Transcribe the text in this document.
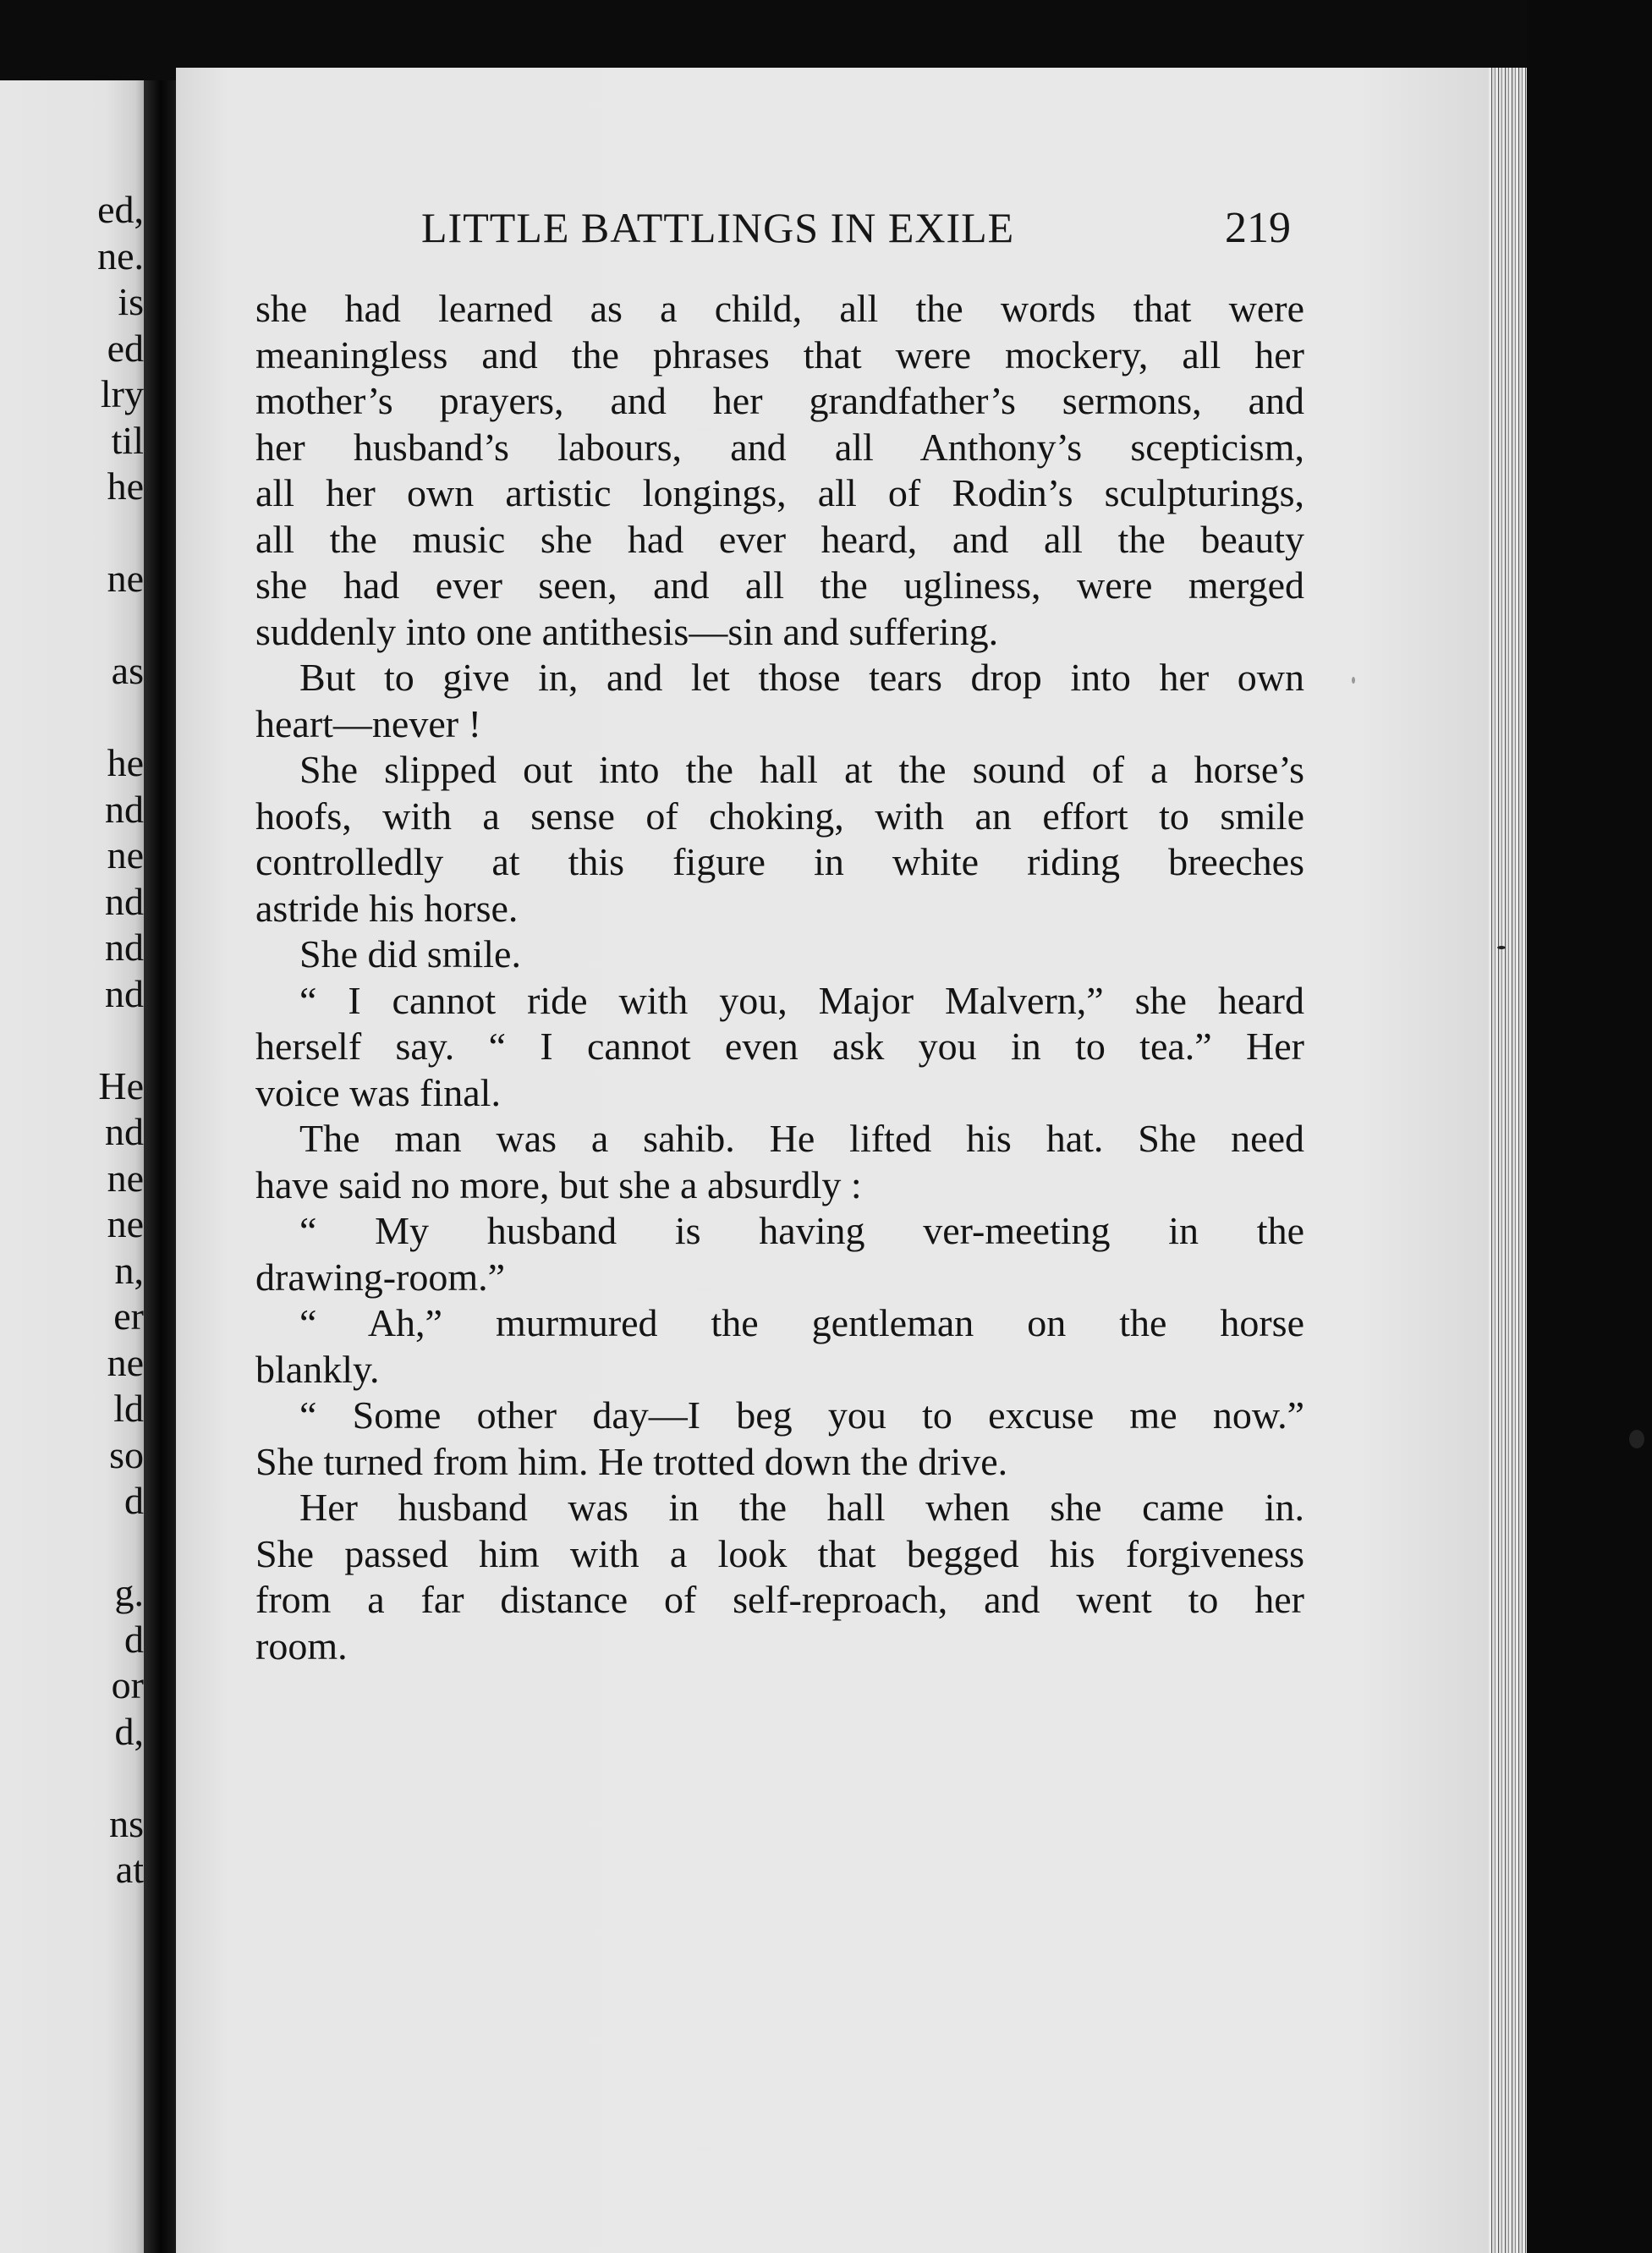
ed,
ne.
is
ed
lry
til
he
ne
as
he
nd
ne
nd
nd
nd
He
nd
ne
ne
n,
er
ne
ld
so
d
g.
d
or
d,
ns
at
LITTLE BATTLINGS IN EXILE	219
she had learned as a child, all the words that were
meaningless and the phrases that were mockery, all her
mother’s prayers, and her grandfather’s sermons, and
her husband’s labours, and all Anthony’s scepticism,
all her own artistic longings, all of Rodin’s sculpturings,
all the music she had ever heard, and all the beauty
she had ever seen, and all the ugliness, were merged
suddenly into one antithesis—sin and suffering.
But to give in, and let those tears drop into her own
heart—never !
She slipped out into the hall at the sound of a horse’s
hoofs, with a sense of choking, with an effort to smile
controlledly at this figure in white riding breeches
astride his horse.
She did smile.
“ I cannot ride with you, Major Malvern,” she heard
herself say. “ I cannot even ask you in to tea.” Her
voice was final.
The man was a sahib. He lifted his hat. She need
have said no more, but she a absurdly :
“ My husband is having ver-meeting in the
drawing-room.”
“ Ah,” murmured the gentleman on the horse
blankly.
“ Some other day—I beg you to excuse me now.”
She turned from him. He trotted down the drive.
Her husband was in the hall when she came in.
She passed him with a look that begged his forgiveness
from a far distance of self-reproach, and went to her
room.
